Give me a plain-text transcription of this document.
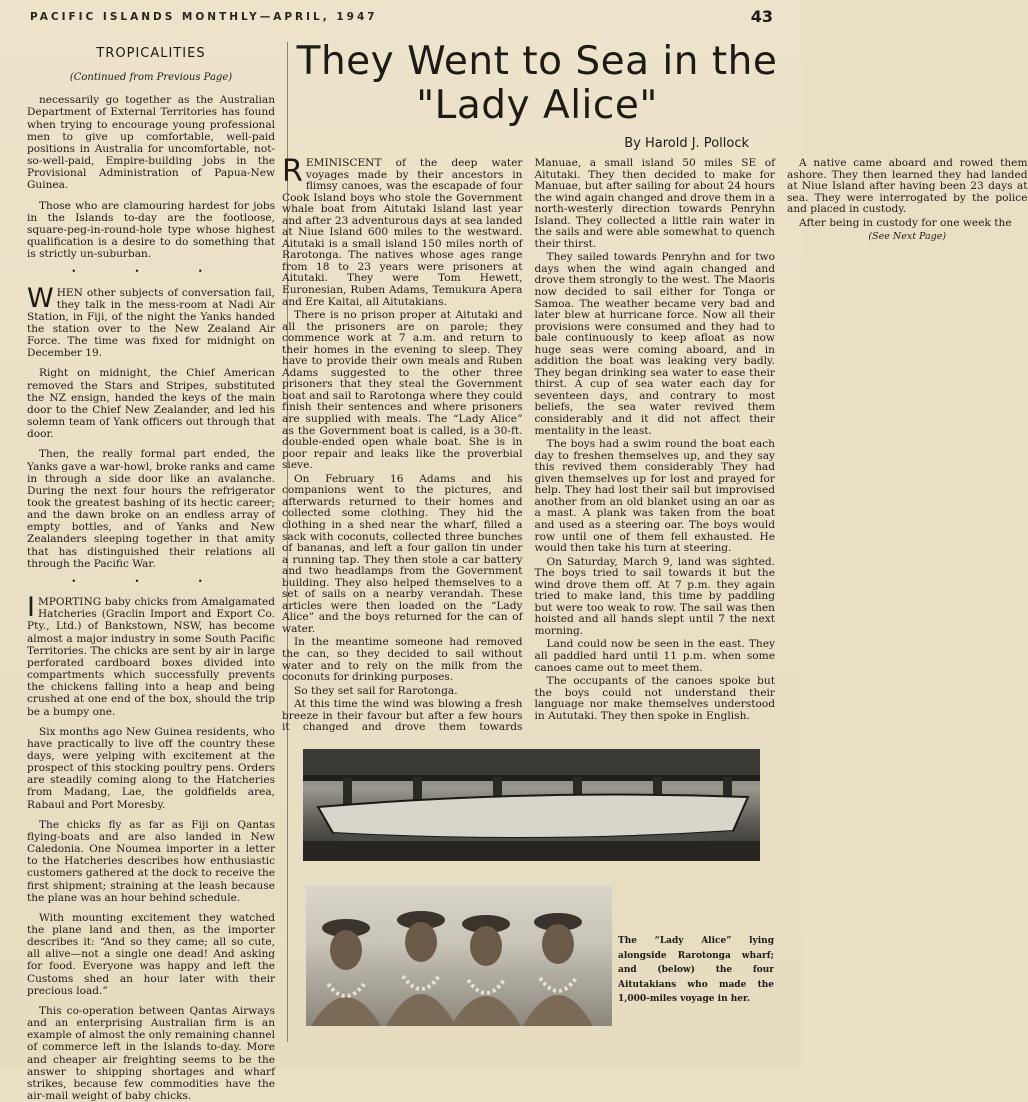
PACIFIC ISLANDS MONTHLY—APRIL, 1947	43
TROPICALITIES
(Continued from Previous Page)

necessarily go together as the Australian Department of External Territories has found when trying to encourage young professional men to give up comfortable, well-paid positions in Australia for uncomfortable, not-so-well-paid, Empire-building jobs in the Provisional Administration of Papua-New Guinea.

Those who are clamouring hardest for jobs in the Islands to-day are the footloose, square-peg-in-round-hole type whose highest qualification is a desire to do something that is strictly un-suburban.

• • •

WHEN other subjects of conversation fail, they talk in the mess-room at Nadi Air Station, in Fiji, of the night the Yanks handed the station over to the New Zealand Air Force. The time was fixed for midnight on December 19.

Right on midnight, the Chief American removed the Stars and Stripes, substituted the NZ ensign, handed the keys of the main door to the Chief New Zealander, and led his solemn team of Yank officers out through that door.

Then, the really formal part ended, the Yanks gave a war-howl, broke ranks and came in through a side door like an avalanche. During the next four hours the refrigerator took the greatest bashing of its hectic career; and the dawn broke on an endless array of empty bottles, and of Yanks and New Zealanders sleeping together in that amity that has distinguished their relations all through the Pacific War.

• • •

IMPORTING baby chicks from Amalgamated Hatcheries (Graclin Import and Export Co. Pty., Ltd.) of Bankstown, NSW, has become almost a major industry in some South Pacific Territories. The chicks are sent by air in large perforated cardboard boxes divided into compartments which successfully prevents the chickens falling into a heap and being crushed at one end of the box, should the trip be a bumpy one.

Six months ago New Guinea residents, who have practically to live off the country these days, were yelping with excitement at the prospect of this stocking poultry pens. Orders are steadily coming along to the Hatcheries from Madang, Lae, the goldfields area, Rabaul and Port Moresby.

The chicks fly as far as Fiji on Qantas flying-boats and are also landed in New Caledonia. One Noumea importer in a letter to the Hatcheries describes how enthusiastic customers gathered at the dock to receive the first shipment; straining at the leash because the plane was an hour behind schedule.

With mounting excitement they watched the plane land and then, as the importer describes it: “And so they came; all so cute, all alive—not a single one dead! And asking for food. Everyone was happy and left the Customs shed an hour later with their precious load.”

This co-operation between Qantas Airways and an enterprising Australian firm is an example of almost the only remaining channel of commerce left in the Islands to-day. More and cheaper air freighting seems to be the answer to shipping shortages and wharf strikes, because few commodities have the air-mail weight of baby chicks.

They Went to Sea in the
"Lady Alice"
By Harold J. Pollock

REMINISCENT of the deep water voyages made by their ancestors in flimsy canoes, was the escapade of four Cook Island boys who stole the Government whale boat from Aitutaki Island last year and after 23 adventurous days at sea landed at Niue Island 600 miles to the westward. Aitutaki is a small island 150 miles north of Rarotonga. The natives whose ages range from 18 to 23 years were prisoners at Aitutaki. They were Tom Hewett, Euronesian, Ruben Adams, Temukura Apera and Ere Kaitai, all Aitutakians.

There is no prison proper at Aitutaki and all the prisoners are on parole; they commence work at 7 a.m. and return to their homes in the evening to sleep. They have to provide their own meals and Ruben Adams suggested to the other three prisoners that they steal the Government boat and sail to Rarotonga where they could finish their sentences and where prisoners are supplied with meals. The “Lady Alice” as the Government boat is called, is a 30-ft. double-ended open whale boat. She is in poor repair and leaks like the proverbial sieve.

On February 16 Adams and his companions went to the pictures, and afterwards returned to their homes and collected some clothing. They hid the clothing in a shed near the wharf, filled a sack with coconuts, collected three bunches of bananas, and left a four gallon tin under a running tap. They then stole a car battery and two headlamps from the Government building. They also helped themselves to a set of sails on a nearby verandah. These articles were then loaded on the “Lady Alice” and the boys returned for the can of water.

In the meantime someone had removed the can, so they decided to sail without water and to rely on the milk from the coconuts for drinking purposes.

So they set sail for Rarotonga.

At this time the wind was blowing a fresh breeze in their favour but after a few hours it changed and drove them towards Manuae, a small island 50 miles SE of Aitutaki. They then decided to make for Manuae, but after sailing for about 24 hours the wind again changed and drove them in a north-westerly direction towards Penryhn Island. They collected a little rain water in the sails and were able somewhat to quench their thirst.

They sailed towards Penryhn and for two days when the wind again changed and drove them strongly to the west. The Maoris now decided to sail either for Tonga or Samoa. The weather became very bad and later blew at hurricane force. Now all their provisions were consumed and they had to bale continuously to keep afloat as now huge seas were coming aboard, and in addition the boat was leaking very badly. They began drinking sea water to ease their thirst. A cup of sea water each day for seventeen days, and contrary to most beliefs, the sea water revived them considerably and it did not affect their mentality in the least.

The boys had a swim round the boat each day to freshen themselves up, and they say this revived them considerably They had given themselves up for lost and prayed for help. They had lost their sail but improvised another from an old blanket using an oar as a mast. A plank was taken from the boat and used as a steering oar. The boys would row until one of them fell exhausted. He would then take his turn at steering.

On Saturday, March 9, land was sighted. The boys tried to sail towards it but the wind drove them off. At 7 p.m. they again tried to make land, this time by paddling but were too weak to row. The sail was then hoisted and all hands slept until 7 the next morning.

Land could now be seen in the east. They all paddled hard until 11 p.m. when some canoes came out to meet them.

The occupants of the canoes spoke but the boys could not understand their language nor make themselves understood in Aututaki. They then spoke in English.

A native came aboard and rowed them ashore. They then learned they had landed at Niue Island after having been 23 days at sea. They were interrogated by the police and placed in custody.

After being in custody for one week the

(See Next Page)

The “Lady Alice” lying alongside Rarotonga wharf; and (below) the four Aitutakians who made the 1,000-miles voyage in her.
